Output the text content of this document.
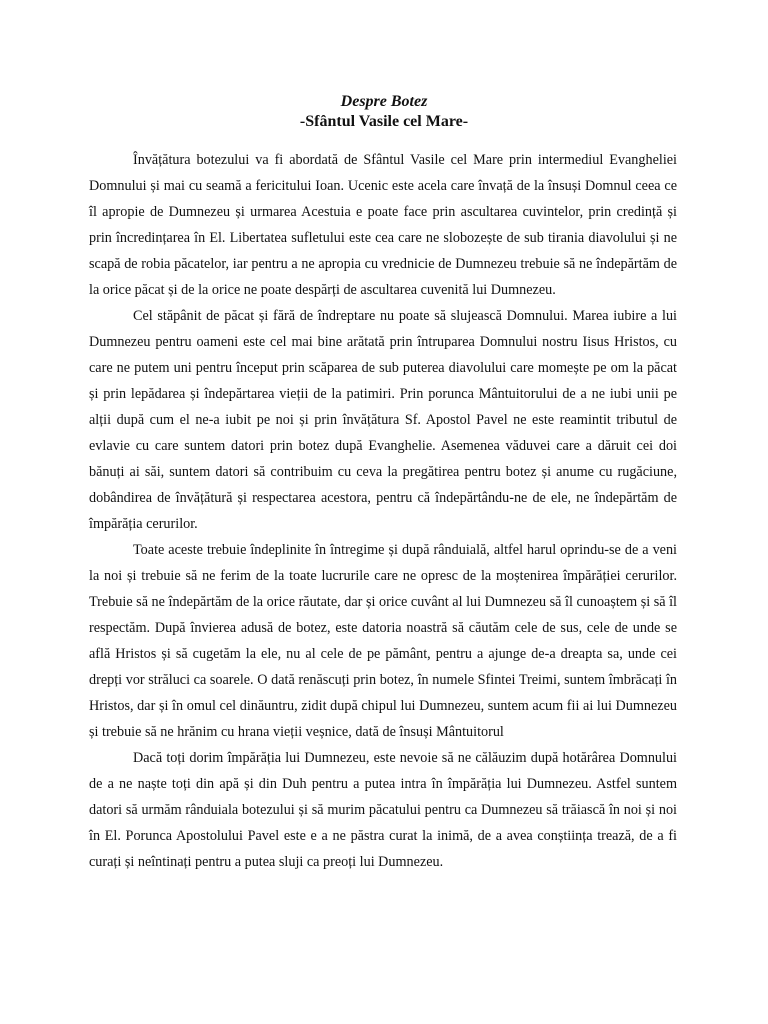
Despre Botez

-Sfântul Vasile cel Mare-

Învățătura botezului va fi abordată de Sfântul Vasile cel Mare prin intermediul Evangheliei Domnului și mai cu seamă a fericitului Ioan. Ucenic este acela care învață de la însuși Domnul ceea ce îl apropie de Dumnezeu și urmarea Acestuia e poate face prin ascultarea cuvintelor, prin credință și prin încredințarea în El. Libertatea sufletului este cea care ne slobozește de sub tirania diavolului și ne scapă de robia păcatelor, iar pentru a ne apropia cu vrednicie de Dumnezeu trebuie să ne îndepărtăm de la orice păcat și de la orice ne poate despărți de ascultarea cuvenită lui Dumnezeu.

Cel stăpânit de păcat și fără de îndreptare nu poate să slujească Domnului. Marea iubire a lui Dumnezeu pentru oameni este cel mai bine arătată prin întruparea Domnului nostru Iisus Hristos, cu care ne putem uni pentru început prin scăparea de sub puterea diavolului care momește pe om la păcat și prin lepădarea și îndepărtarea vieții de la patimiri. Prin porunca Mântuitorului de a ne iubi unii pe alții după cum el ne-a iubit pe noi și prin învățătura Sf. Apostol Pavel ne este reamintit tributul de evlavie cu care suntem datori prin botez după Evanghelie. Asemenea văduvei care a dăruit cei doi bănuți ai săi, suntem datori să contribuim cu ceva la pregătirea pentru botez și anume cu rugăciune, dobândirea de învățătură și respectarea acestora, pentru că îndepărtându-ne de ele, ne îndepărtăm de împărăția cerurilor.

Toate aceste trebuie îndeplinite în întregime și după rânduială, altfel harul oprindu-se de a veni la noi și trebuie să ne ferim de la toate lucrurile care ne opresc de la moștenirea împărăției cerurilor. Trebuie să ne îndepărtăm de la orice răutate, dar și orice cuvânt al lui Dumnezeu să îl cunoaștem și să îl respectăm. După învierea adusă de botez, este datoria noastră să căutăm cele de sus, cele de unde se află Hristos și să cugetăm la ele, nu al cele de pe pământ, pentru a ajunge de-a dreapta sa, unde cei drepți vor străluci ca soarele. O dată renăscuți prin botez, în numele Sfintei Treimi, suntem îmbrăcați în Hristos, dar și în omul cel dinăuntru, zidit după chipul lui Dumnezeu, suntem acum fii ai lui Dumnezeu și trebuie să ne hrănim cu hrana vieții veșnice, dată de însuși Mântuitorul

Dacă toți dorim împărăția lui Dumnezeu, este nevoie să ne călăuzim după hotărârea Domnului de a ne naște toți din apă și din Duh pentru a putea intra în împărăția lui Dumnezeu. Astfel suntem datori să urmăm rânduiala botezului și să murim păcatului pentru ca Dumnezeu să trăiască în noi și noi în El. Porunca Apostolului Pavel este e a ne păstra curat la inimă, de a avea conștiința trează, de a fi curați și neîntinați pentru a putea sluji ca preoți lui Dumnezeu.
